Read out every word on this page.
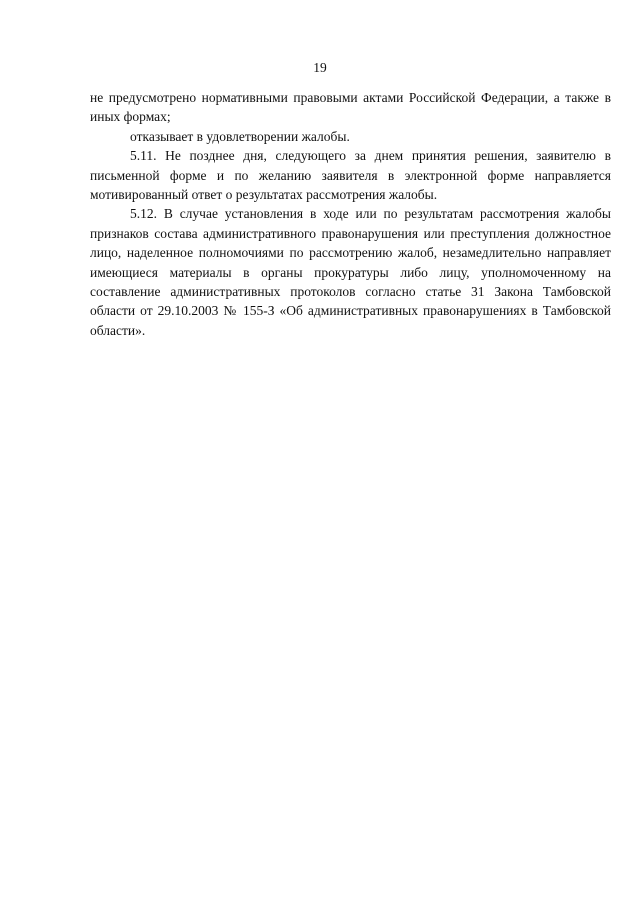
19

не предусмотрено нормативными правовыми актами Российской Федерации, а также в иных формах;

отказывает в удовлетворении жалобы.

5.11. Не позднее дня, следующего за днем принятия решения, заявителю в письменной форме и по желанию заявителя в электронной форме направляется мотивированный ответ о результатах рассмотрения жалобы.

5.12. В случае установления в ходе или по результатам рассмотрения жалобы признаков состава административного правонарушения или преступления должностное лицо, наделенное полномочиями по рассмотрению жалоб, незамедлительно направляет имеющиеся материалы в органы прокуратуры либо лицу, уполномоченному на составление административных протоколов согласно статье 31 Закона Тамбовской области от 29.10.2003 № 155-З «Об административных правонарушениях в Тамбовской области».
